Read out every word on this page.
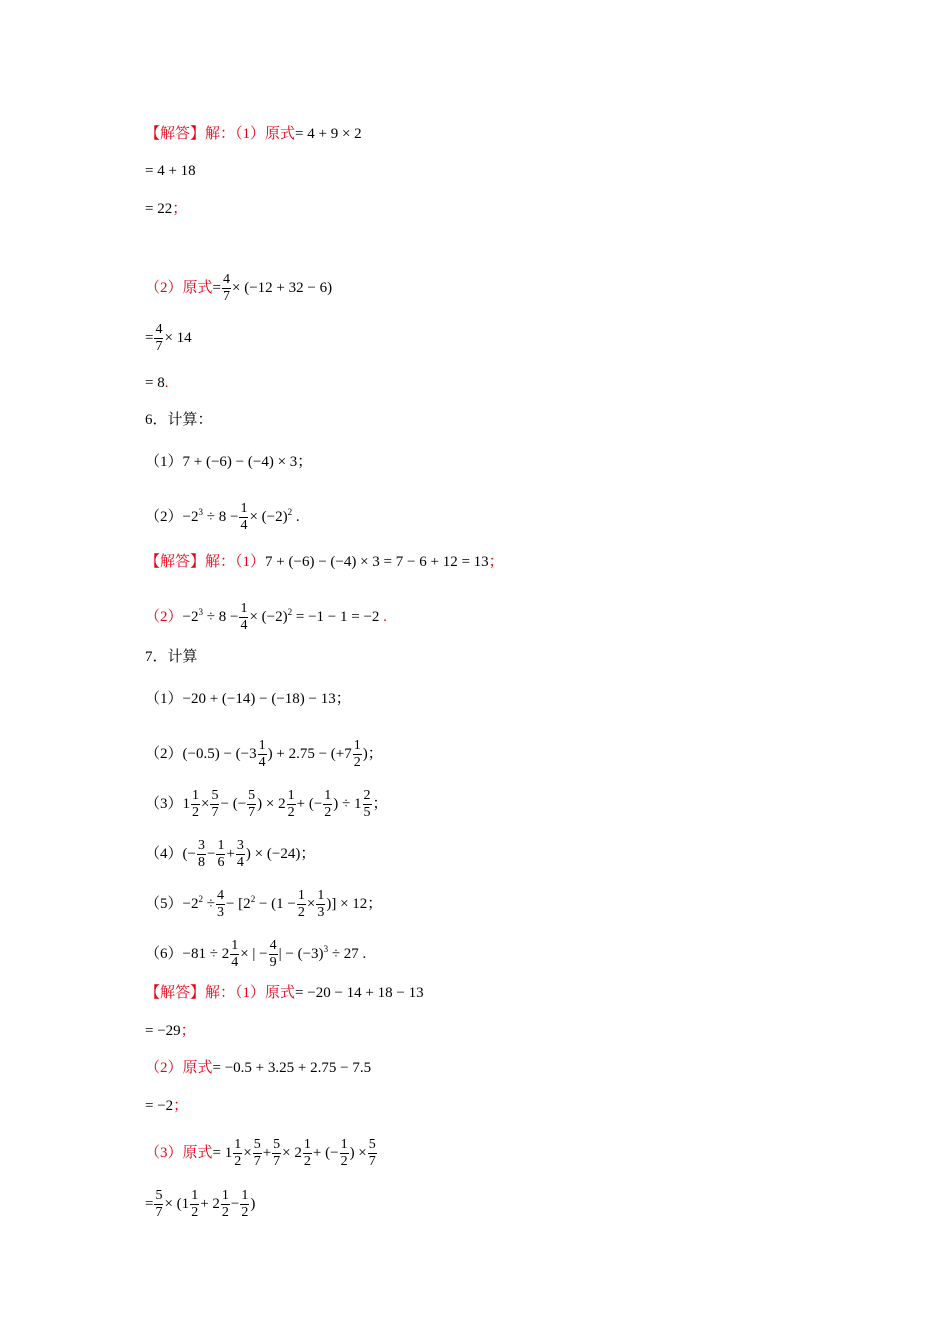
【解答】解：（1）原式= 4 + 9 × 2
= 4 + 18
= 22；
（2）原式= $\frac{4}{7} \times (-12 + 32 - 6)$
= $\frac{4}{7} \times 14$
= 8.
6．计算：
（1）7 + (−6) − (−4) × 3；
$(2)-2^3 \div 8 - \frac{1}{4} \times (-2)^2$ .
【解答】解：（1）7 + (−6) − (−4) × 3 = 7 − 6 + 12 = 13；
$(2)-2^3 \div 8 - \frac{1}{4} \times (-2)^2 = -1 - 1 = -2$ .
7．计算
（1）−20 + (−14) − (−18) − 13；
$(2)(-0.5) - (-3 \frac{1}{4}$ ) + $2.75 - (+7 \frac{1}{2}$ )；
$(3)1 \frac{1}{2} \times \frac{5}{7}$ − (− $\frac{5}{7}$ ) × $2 \frac{1}{2}$ + (− $\frac{1}{2}$ ) ÷ $1 \frac{2}{5}$ ；
$(4)(- \frac{3}{8} - \frac{1}{6} + \frac{3}{4}$ ) × (−24)；
$(5)-2^2 \div \frac{4}{3} - [2^2 - (1 - \frac{1}{2} \times \frac{1}{3}$ )] × 12；
$(6)-81 \div 2 \frac{1}{4}$ × | − $\frac{4}{9}$ | − $(-3)^3 \div 27$ .
【解答】解：（1）原式= −20 − 14 + 18 − 13
= −29；
（2）原式= −0.5 + 3.25 + 2.75 − 7.5
= −2；
（3）原式= $1 \frac{1}{2} \times \frac{5}{7} + \frac{5}{7} \times 2 \frac{1}{2}$ + (− $\frac{1}{2}$ ) × $\frac{5}{7}$
= $\frac{5}{7} \times (1 \frac{1}{2} + 2 \frac{1}{2} - \frac{1}{2}$ )
